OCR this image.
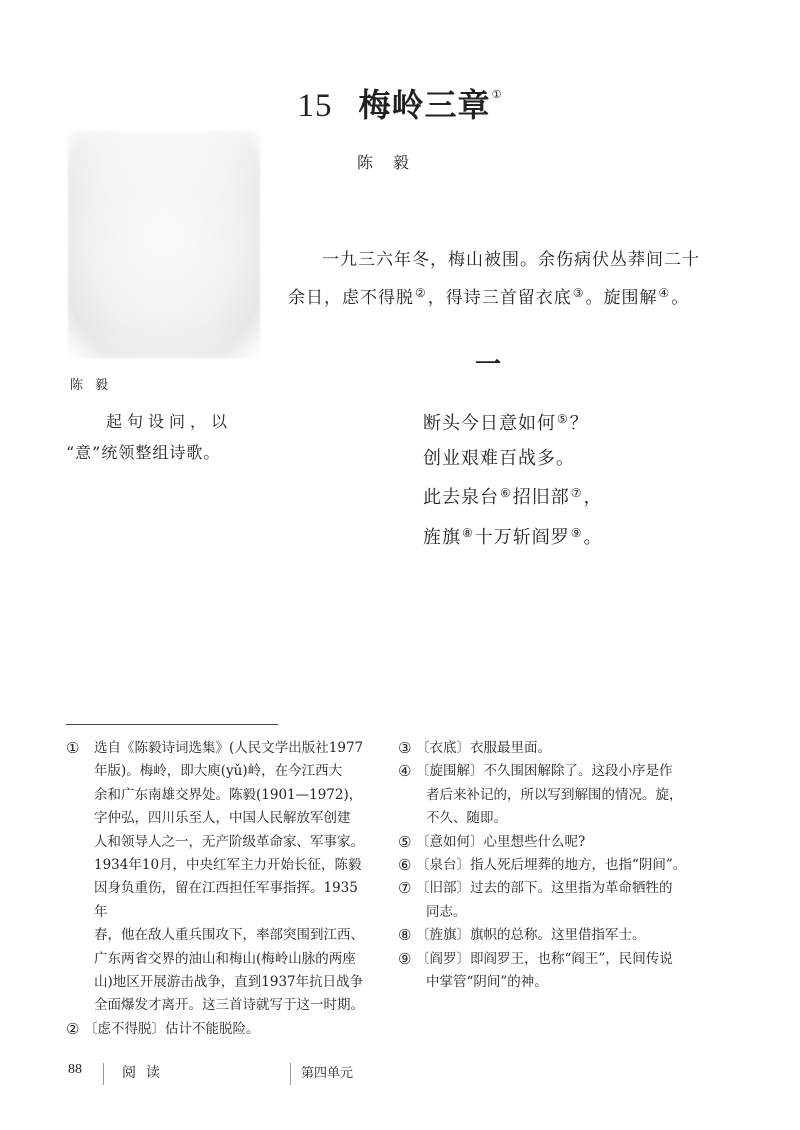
15 梅岭三章①
陈毅
陈毅
一九三六年冬，梅山被围。余伤病伏丛莽间二十
余日，虑不得脱②，得诗三首留衣底③。旋围解④。
一
起句设问，以
“意”统领整组诗歌。
断头今日意如何⑤？
创业艰难百战多。
此去泉台⑥招旧部⑦，
旌旗⑧十万斩阎罗⑨。
① 选自《陈毅诗词选集》(人民文学出版社1977
年版)。梅岭，即大庾(yǔ)岭，在今江西大
余和广东南雄交界处。陈毅(1901—1972)，
字仲弘，四川乐至人，中国人民解放军创建
人和领导人之一，无产阶级革命家、军事家。
1934年10月，中央红军主力开始长征，陈毅
因身负重伤，留在江西担任军事指挥。1935年
春，他在敌人重兵围攻下，率部突围到江西、
广东两省交界的油山和梅山(梅岭山脉的两座
山)地区开展游击战争，直到1937年抗日战争
全面爆发才离开。这三首诗就写于这一时期。
② 〔虑不得脱〕估计不能脱险。
③ 〔衣底〕衣服最里面。
④ 〔旋围解〕不久围困解除了。这段小序是作
者后来补记的，所以写到解围的情况。旋，
不久、随即。
⑤ 〔意如何〕心里想些什么呢?
⑥ 〔泉台〕指人死后埋葬的地方，也指“阴间”。
⑦ 〔旧部〕过去的部下。这里指为革命牺牲的
同志。
⑧ 〔旌旗〕旗帜的总称。这里借指军士。
⑨ 〔阎罗〕即阎罗王，也称“阎王”，民间传说
中掌管“阴间”的神。
88	阅读	第四单元
